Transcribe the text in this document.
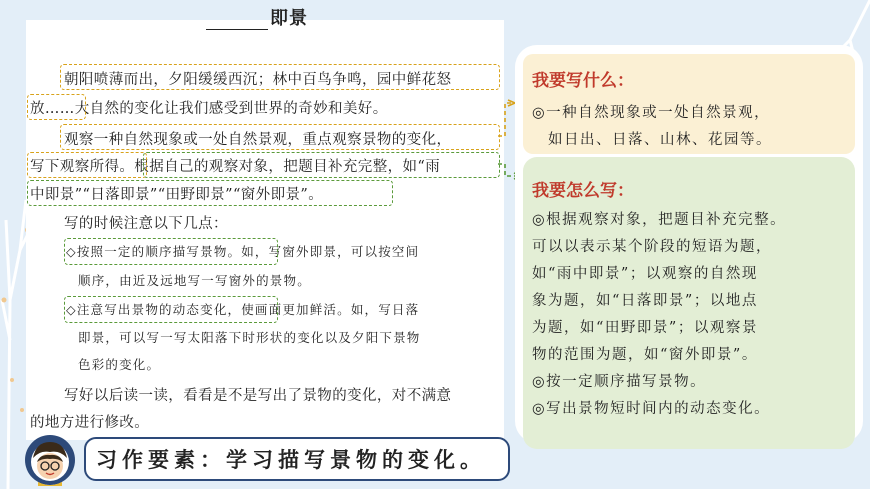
即景
朝阳喷薄而出，夕阳缓缓西沉；林中百鸟争鸣，园中鲜花怒
放……大自然的变化让我们感受到世界的奇妙和美好。
观察一种自然现象或一处自然景观，重点观察景物的变化，
写下观察所得。根据自己的观察对象，把题目补充完整，如“雨
中即景”“日落即景”“田野即景”“窗外即景”。
写的时候注意以下几点：
◇按照一定的顺序描写景物。如，写窗外即景，可以按空间
顺序，由近及远地写一写窗外的景物。
◇注意写出景物的动态变化，使画面更加鲜活。如，写日落
即景，可以写一写太阳落下时形状的变化以及夕阳下景物
色彩的变化。
写好以后读一读，看看是不是写出了景物的变化，对不满意
的地方进行修改。
我要写什么：
◎一种自然现象或一处自然景观，
如日出、日落、山林、花园等。
我要怎么写：
◎根据观察对象，把题目补充完整。
可以以表示某个阶段的短语为题，
如“雨中即景”；以观察的自然现
象为题，如“日落即景”；以地点
为题，如“田野即景”；以观察景
物的范围为题，如“窗外即景”。
◎按一定顺序描写景物。
◎写出景物短时间内的动态变化。
习作要素：学习描写景物的变化。
